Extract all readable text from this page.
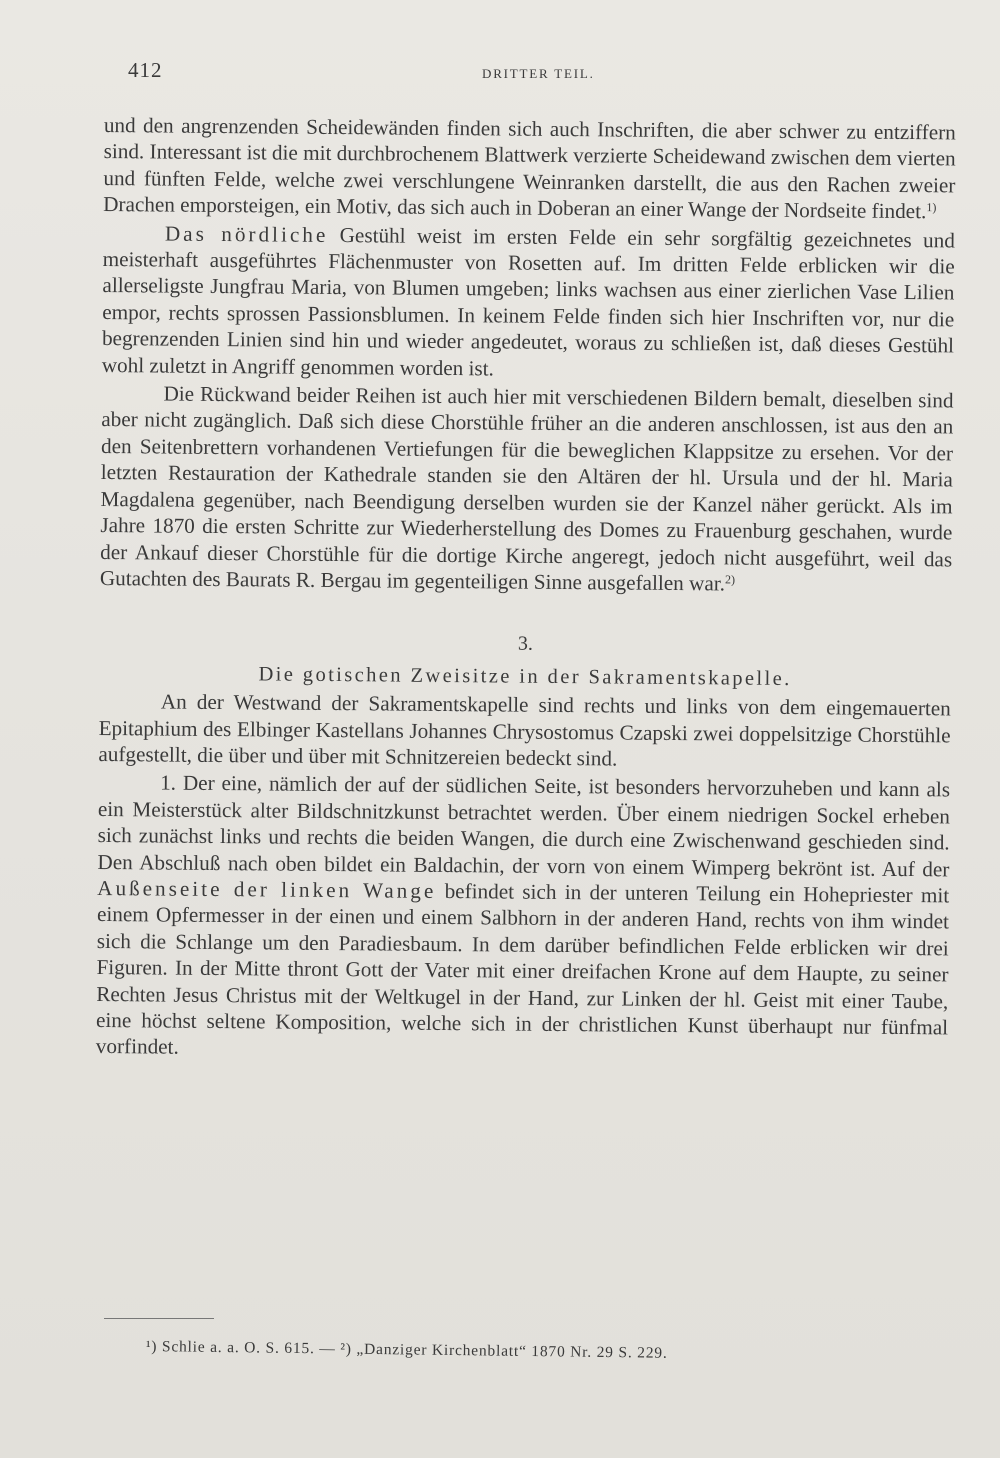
412	DRITTER TEIL.

und den angrenzenden Scheidewänden finden sich auch Inschriften, die aber schwer zu entziffern sind. Interessant ist die mit durchbrochenem Blattwerk verzierte Scheidewand zwischen dem vierten und fünften Felde, welche zwei verschlungene Weinranken darstellt, die aus den Rachen zweier Drachen emporsteigen, ein Motiv, das sich auch in Doberan an einer Wange der Nordseite findet.$^{1)}$

Das nördliche Gestühl weist im ersten Felde ein sehr sorgfältig gezeichnetes und meisterhaft ausgeführtes Flächenmuster von Rosetten auf. Im dritten Felde erblicken wir die allerseligste Jungfrau Maria, von Blumen umgeben; links wachsen aus einer zierlichen Vase Lilien empor, rechts sprossen Passionsblumen. In keinem Felde finden sich hier Inschriften vor, nur die begrenzenden Linien sind hin und wieder angedeutet, woraus zu schließen ist, daß dieses Gestühl wohl zuletzt in Angriff genommen worden ist.

Die Rückwand beider Reihen ist auch hier mit verschiedenen Bildern bemalt, dieselben sind aber nicht zugänglich. Daß sich diese Chorstühle früher an die anderen anschlossen, ist aus den an den Seitenbrettern vorhandenen Vertiefungen für die beweglichen Klappsitze zu ersehen. Vor der letzten Restauration der Kathedrale standen sie den Altären der hl. Ursula und der hl. Maria Magdalena gegenüber, nach Beendigung derselben wurden sie der Kanzel näher gerückt. Als im Jahre 1870 die ersten Schritte zur Wiederherstellung des Domes zu Frauenburg geschahen, wurde der Ankauf dieser Chorstühle für die dortige Kirche angeregt, jedoch nicht ausgeführt, weil das Gutachten des Baurats R. Bergau im gegenteiligen Sinne ausgefallen war.$^{2)}$

3.

Die gotischen Zweisitze in der Sakramentskapelle.

An der Westwand der Sakramentskapelle sind rechts und links von dem eingemauerten Epitaphium des Elbinger Kastellans Johannes Chrysostomus Czapski zwei doppelsitzige Chorstühle aufgestellt, die über und über mit Schnitzereien bedeckt sind.

1. Der eine, nämlich der auf der südlichen Seite, ist besonders hervorzuheben und kann als ein Meisterstück alter Bildschnitzkunst betrachtet werden. Über einem niedrigen Sockel erheben sich zunächst links und rechts die beiden Wangen, die durch eine Zwischenwand geschieden sind. Den Abschluß nach oben bildet ein Baldachin, der vorn von einem Wimperg bekrönt ist. Auf der Außenseite der linken Wange befindet sich in der unteren Teilung ein Hohepriester mit einem Opfermesser in der einen und einem Salbhorn in der anderen Hand, rechts von ihm windet sich die Schlange um den Paradiesbaum. In dem darüber befindlichen Felde erblicken wir drei Figuren. In der Mitte thront Gott der Vater mit einer dreifachen Krone auf dem Haupte, zu seiner Rechten Jesus Christus mit der Weltkugel in der Hand, zur Linken der hl. Geist mit einer Taube, eine höchst seltene Komposition, welche sich in der christlichen Kunst überhaupt nur fünfmal vorfindet.

¹) Schlie a. a. O. S. 615. — ²) „Danziger Kirchenblatt“ 1870 Nr. 29 S. 229.
